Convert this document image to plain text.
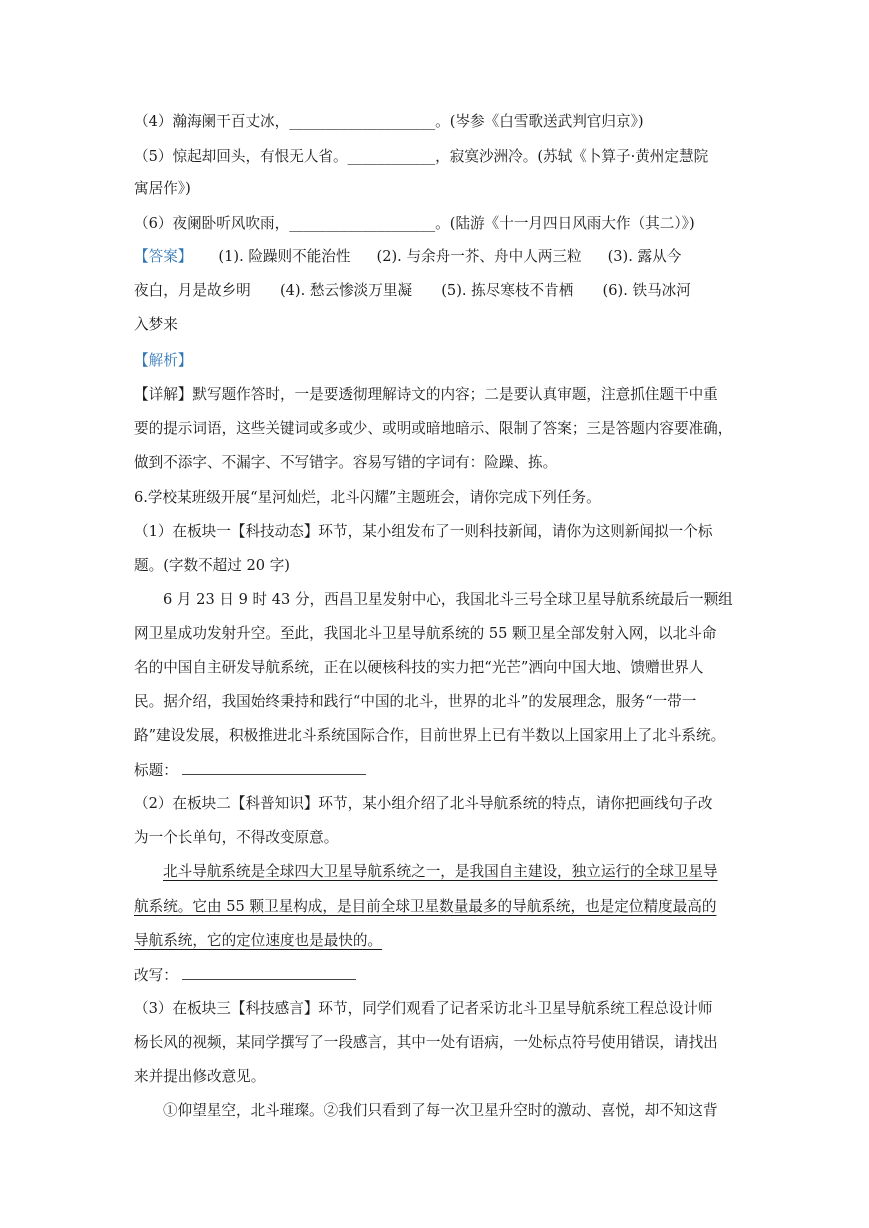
（4）瀚海阑干百丈冰，____________________。(岑参《白雪歌送武判官归京》)
（5）惊起却回头，有恨无人省。____________，寂寞沙洲冷。(苏轼《卜算子·黄州定慧院
寓居作》)
（6）夜阑卧听风吹雨，____________________。(陆游《十一月四日风雨大作（其二）》)
【答案】 (1). 险躁则不能治性 (2). 与余舟一芥、舟中人两三粒 (3). 露从今
夜白，月是故乡明　　(4). 愁云惨淡万里凝　　(5). 拣尽寒枝不肯栖　　(6). 铁马冰河
入梦来
【解析】
【详解】默写题作答时，一是要透彻理解诗文的内容；二是要认真审题，注意抓住题干中重
要的提示词语，这些关键词或多或少、或明或暗地暗示、限制了答案；三是答题内容要准确，
做到不添字、不漏字、不写错字。容易写错的字词有：险躁、拣。
6.学校某班级开展“星河灿烂，北斗闪耀”主题班会，请你完成下列任务。
（1）在板块一【科技动态】环节，某小组发布了一则科技新闻，请你为这则新闻拟一个标
题。(字数不超过 20 字)
6 月 23 日 9 时 43 分，西昌卫星发射中心，我国北斗三号全球卫星导航系统最后一颗组
网卫星成功发射升空。至此，我国北斗卫星导航系统的 55 颗卫星全部发射入网，以北斗命
名的中国自主研发导航系统，正在以硬核科技的实力把“光芒”洒向中国大地、馈赠世界人
民。据介绍，我国始终秉持和践行“中国的北斗，世界的北斗”的发展理念，服务“一带一
路”建设发展，积极推进北斗系统国际合作，目前世界上已有半数以上国家用上了北斗系统。
标题：
（2）在板块二【科普知识】环节，某小组介绍了北斗导航系统的特点，请你把画线句子改
为一个长单句，不得改变原意。
北斗导航系统是全球四大卫星导航系统之一，是我国自主建设，独立运行的全球卫星导
航系统。它由 55 颗卫星构成，是目前全球卫星数量最多的导航系统，也是定位精度最高的
导航系统，它的定位速度也是最快的。
改写：
（3）在板块三【科技感言】环节，同学们观看了记者采访北斗卫星导航系统工程总设计师
杨长风的视频，某同学撰写了一段感言，其中一处有语病，一处标点符号使用错误，请找出
来并提出修改意见。
①仰望星空，北斗璀璨。②我们只看到了每一次卫星升空时的激动、喜悦，却不知这背
